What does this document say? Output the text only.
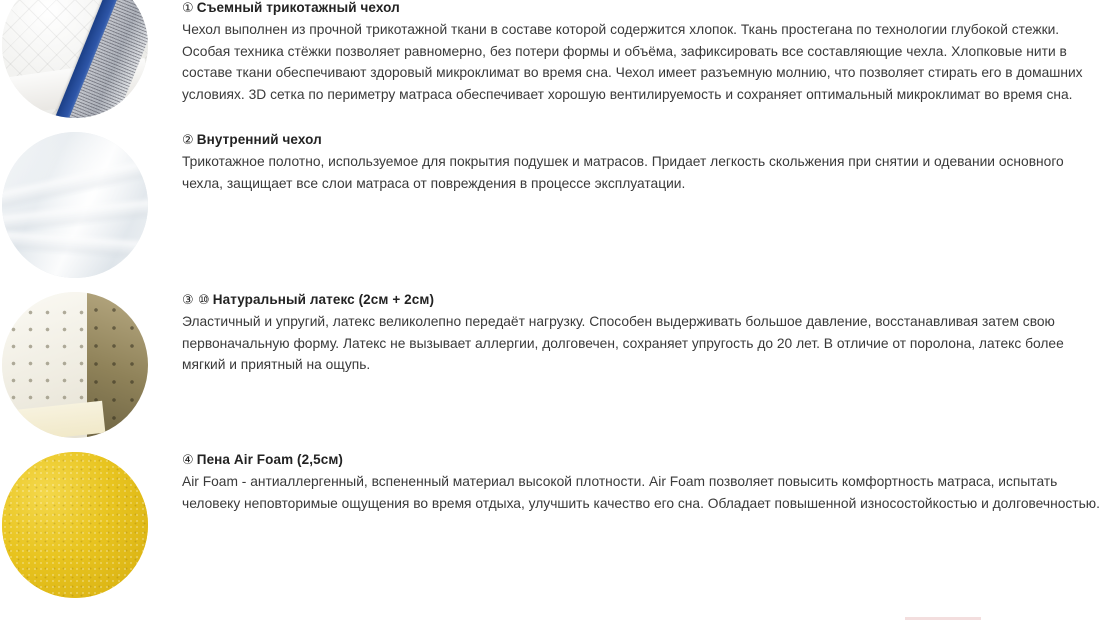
① Съемный трикотажный чехол

Чехол выполнен из прочной трикотажной ткани в составе которой содержится хлопок. Ткань простегана по технологии глубокой стежки. Особая техника стёжки позволяет равномерно, без потери формы и объёма, зафиксировать все составляющие чехла. Хлопковые нити в составе ткани обеспечивают здоровый микроклимат во время сна. Чехол имеет разъемную молнию, что позволяет стирать его в домашних условиях. 3D сетка по периметру матраса обеспечивает хорошую вентилируемость и сохраняет оптимальный микроклимат во время сна.

② Внутренний чехол

Трикотажное полотно, используемое для покрытия подушек и матрасов. Придает легкость скольжения при снятии и одевании основного чехла, защищает все слои матраса от повреждения в процессе эксплуатации.

③ ⑩ Натуральный латекс (2см + 2см)

Эластичный и упругий, латекс великолепно передаёт нагрузку. Способен выдерживать большое давление, восстанавливая затем свою первоначальную форму. Латекс не вызывает аллергии, долговечен, сохраняет упругость до 20 лет. В отличие от поролона, латекс более мягкий и приятный на ощупь.

④ Пена Air Foam (2,5см)

Air Foam - антиаллергенный, вспененный материал высокой плотности. Air Foam позволяет повысить комфортность матраса, испытать человеку неповторимые ощущения во время отдыха, улучшить качество его сна. Обладает повышенной износостойкостью и долговечностью.
